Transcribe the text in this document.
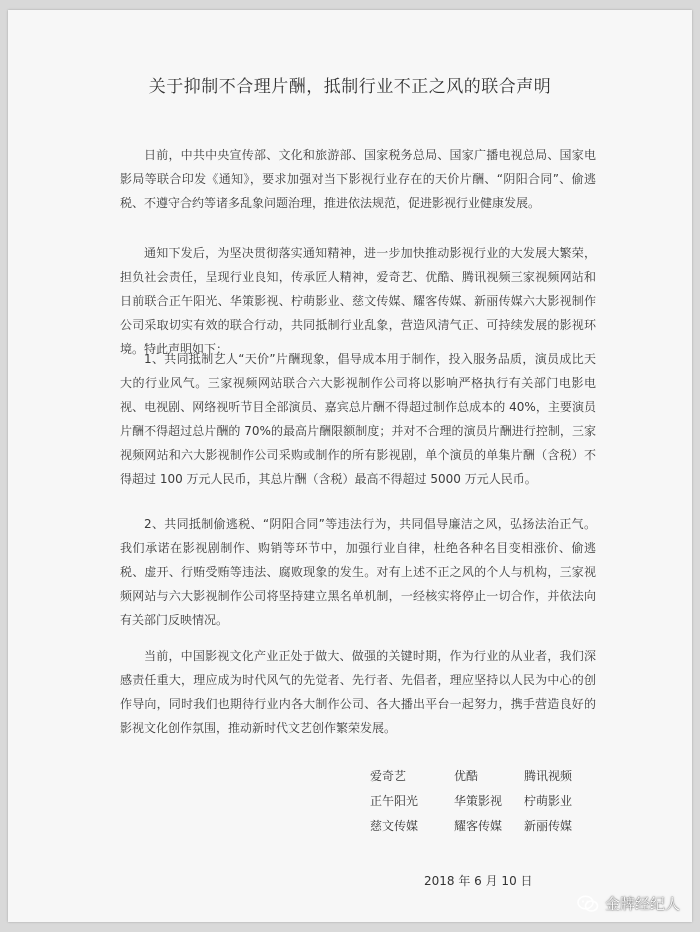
关于抑制不合理片酬，抵制行业不正之风的联合声明

日前，中共中央宣传部、文化和旅游部、国家税务总局、国家广播电视总局、国家电影局等联合印发《通知》，要求加强对当下影视行业存在的天价片酬、“阴阳合同”、偷逃税、不遵守合约等诸多乱象问题治理，推进依法规范，促进影视行业健康发展。

通知下发后，为坚决贯彻落实通知精神，进一步加快推动影视行业的大发展大繁荣，担负社会责任，呈现行业良知，传承匠人精神，爱奇艺、优酷、腾讯视频三家视频网站和日前联合正午阳光、华策影视、柠萌影业、慈文传媒、耀客传媒、新丽传媒六大影视制作公司采取切实有效的联合行动，共同抵制行业乱象，营造风清气正、可持续发展的影视环境。特此声明如下：

1、共同抵制艺人“天价”片酬现象，倡导成本用于制作，投入服务品质，演员成比天大的行业风气。三家视频网站联合六大影视制作公司将以影响严格执行有关部门电影电视、电视剧、网络视听节目全部演员、嘉宾总片酬不得超过制作总成本的 40%，主要演员片酬不得超过总片酬的 70%的最高片酬限额制度；并对不合理的演员片酬进行控制，三家视频网站和六大影视制作公司采购或制作的所有影视剧，单个演员的单集片酬（含税）不得超过 100 万元人民币，其总片酬（含税）最高不得超过 5000 万元人民币。

2、共同抵制偷逃税、“阴阳合同”等违法行为，共同倡导廉洁之风，弘扬法治正气。我们承诺在影视剧制作、购销等环节中，加强行业自律，杜绝各种名目变相涨价、偷逃税、虚开、行贿受贿等违法、腐败现象的发生。对有上述不正之风的个人与机构，三家视频网站与六大影视制作公司将坚持建立黑名单机制，一经核实将停止一切合作，并依法向有关部门反映情况。

当前，中国影视文化产业正处于做大、做强的关键时期，作为行业的从业者，我们深感责任重大，理应成为时代风气的先觉者、先行者、先倡者，理应坚持以人民为中心的创作导向，同时我们也期待行业内各大制作公司、各大播出平台一起努力，携手营造良好的影视文化创作氛围，推动新时代文艺创作繁荣发展。

爱奇艺	优酷	腾讯视频
正午阳光	华策影视	柠萌影业
慈文传媒	耀客传媒	新丽传媒
2018 年 6 月 10 日
金牌经纪人
